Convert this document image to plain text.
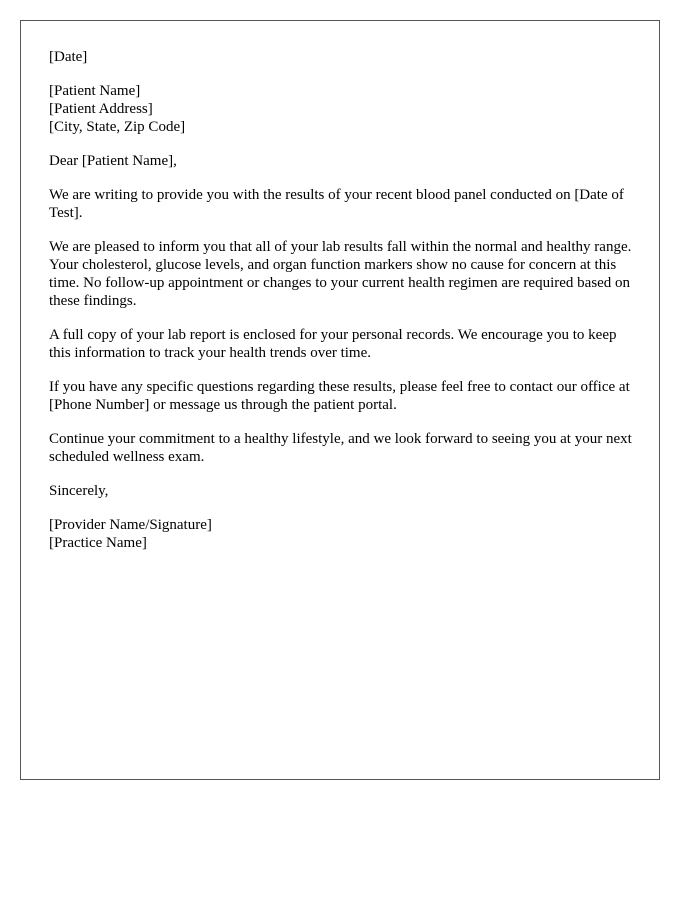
[Date]
[Patient Name]
[Patient Address]
[City, State, Zip Code]
Dear [Patient Name],

We are writing to provide you with the results of your recent blood panel conducted on [Date of Test].

We are pleased to inform you that all of your lab results fall within the normal and healthy range. Your cholesterol, glucose levels, and organ function markers show no cause for concern at this time. No follow-up appointment or changes to your current health regimen are required based on these findings.

A full copy of your lab report is enclosed for your personal records. We encourage you to keep this information to track your health trends over time.

If you have any specific questions regarding these results, please feel free to contact our office at [Phone Number] or message us through the patient portal.

Continue your commitment to a healthy lifestyle, and we look forward to seeing you at your next scheduled wellness exam.

Sincerely,
[Provider Name/Signature]
[Practice Name]
